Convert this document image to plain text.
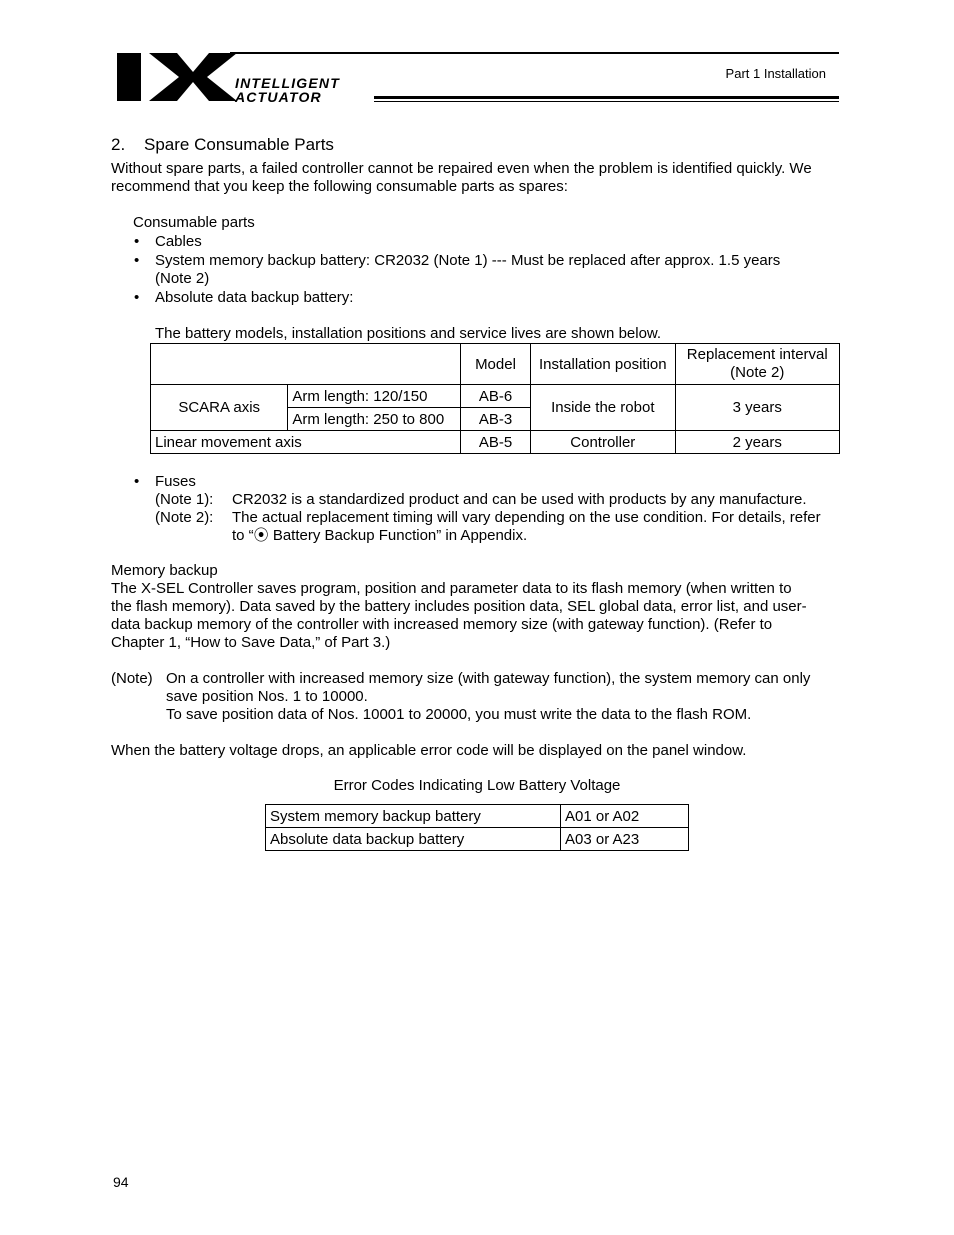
INTELLIGENT
ACTUATOR
Part 1 Installation
2. Spare Consumable Parts
Without spare parts, a failed controller cannot be repaired even when the problem is identified quickly. We
recommend that you keep the following consumable parts as spares:
Consumable parts
• Cables
• System memory backup battery: CR2032 (Note 1) --- Must be replaced after approx. 1.5 years
(Note 2)
• Absolute data backup battery:
The battery models, installation positions and service lives are shown below.
		Model	Installation position	Replacement interval
(Note 2)
SCARA axis	Arm length: 120/150	AB-6	Inside the robot	3 years
	Arm length: 250 to 800	AB-3		
Linear movement axis		AB-5	Controller	2 years
• Fuses
(Note 1): CR2032 is a standardized product and can be used with products by any manufacture.
(Note 2): The actual replacement timing will vary depending on the use condition. For details, refer
to “⦿ Battery Backup Function” in Appendix.
Memory backup
The X-SEL Controller saves program, position and parameter data to its flash memory (when written to
the flash memory). Data saved by the battery includes position data, SEL global data, error list, and user-
data backup memory of the controller with increased memory size (with gateway function). (Refer to
Chapter 1, “How to Save Data,” of Part 3.)
(Note) On a controller with increased memory size (with gateway function), the system memory can only
save position Nos. 1 to 10000.
To save position data of Nos. 10001 to 20000, you must write the data to the flash ROM.
When the battery voltage drops, an applicable error code will be displayed on the panel window.
Error Codes Indicating Low Battery Voltage
System memory backup battery	A01 or A02
Absolute data backup battery	A03 or A23
94
